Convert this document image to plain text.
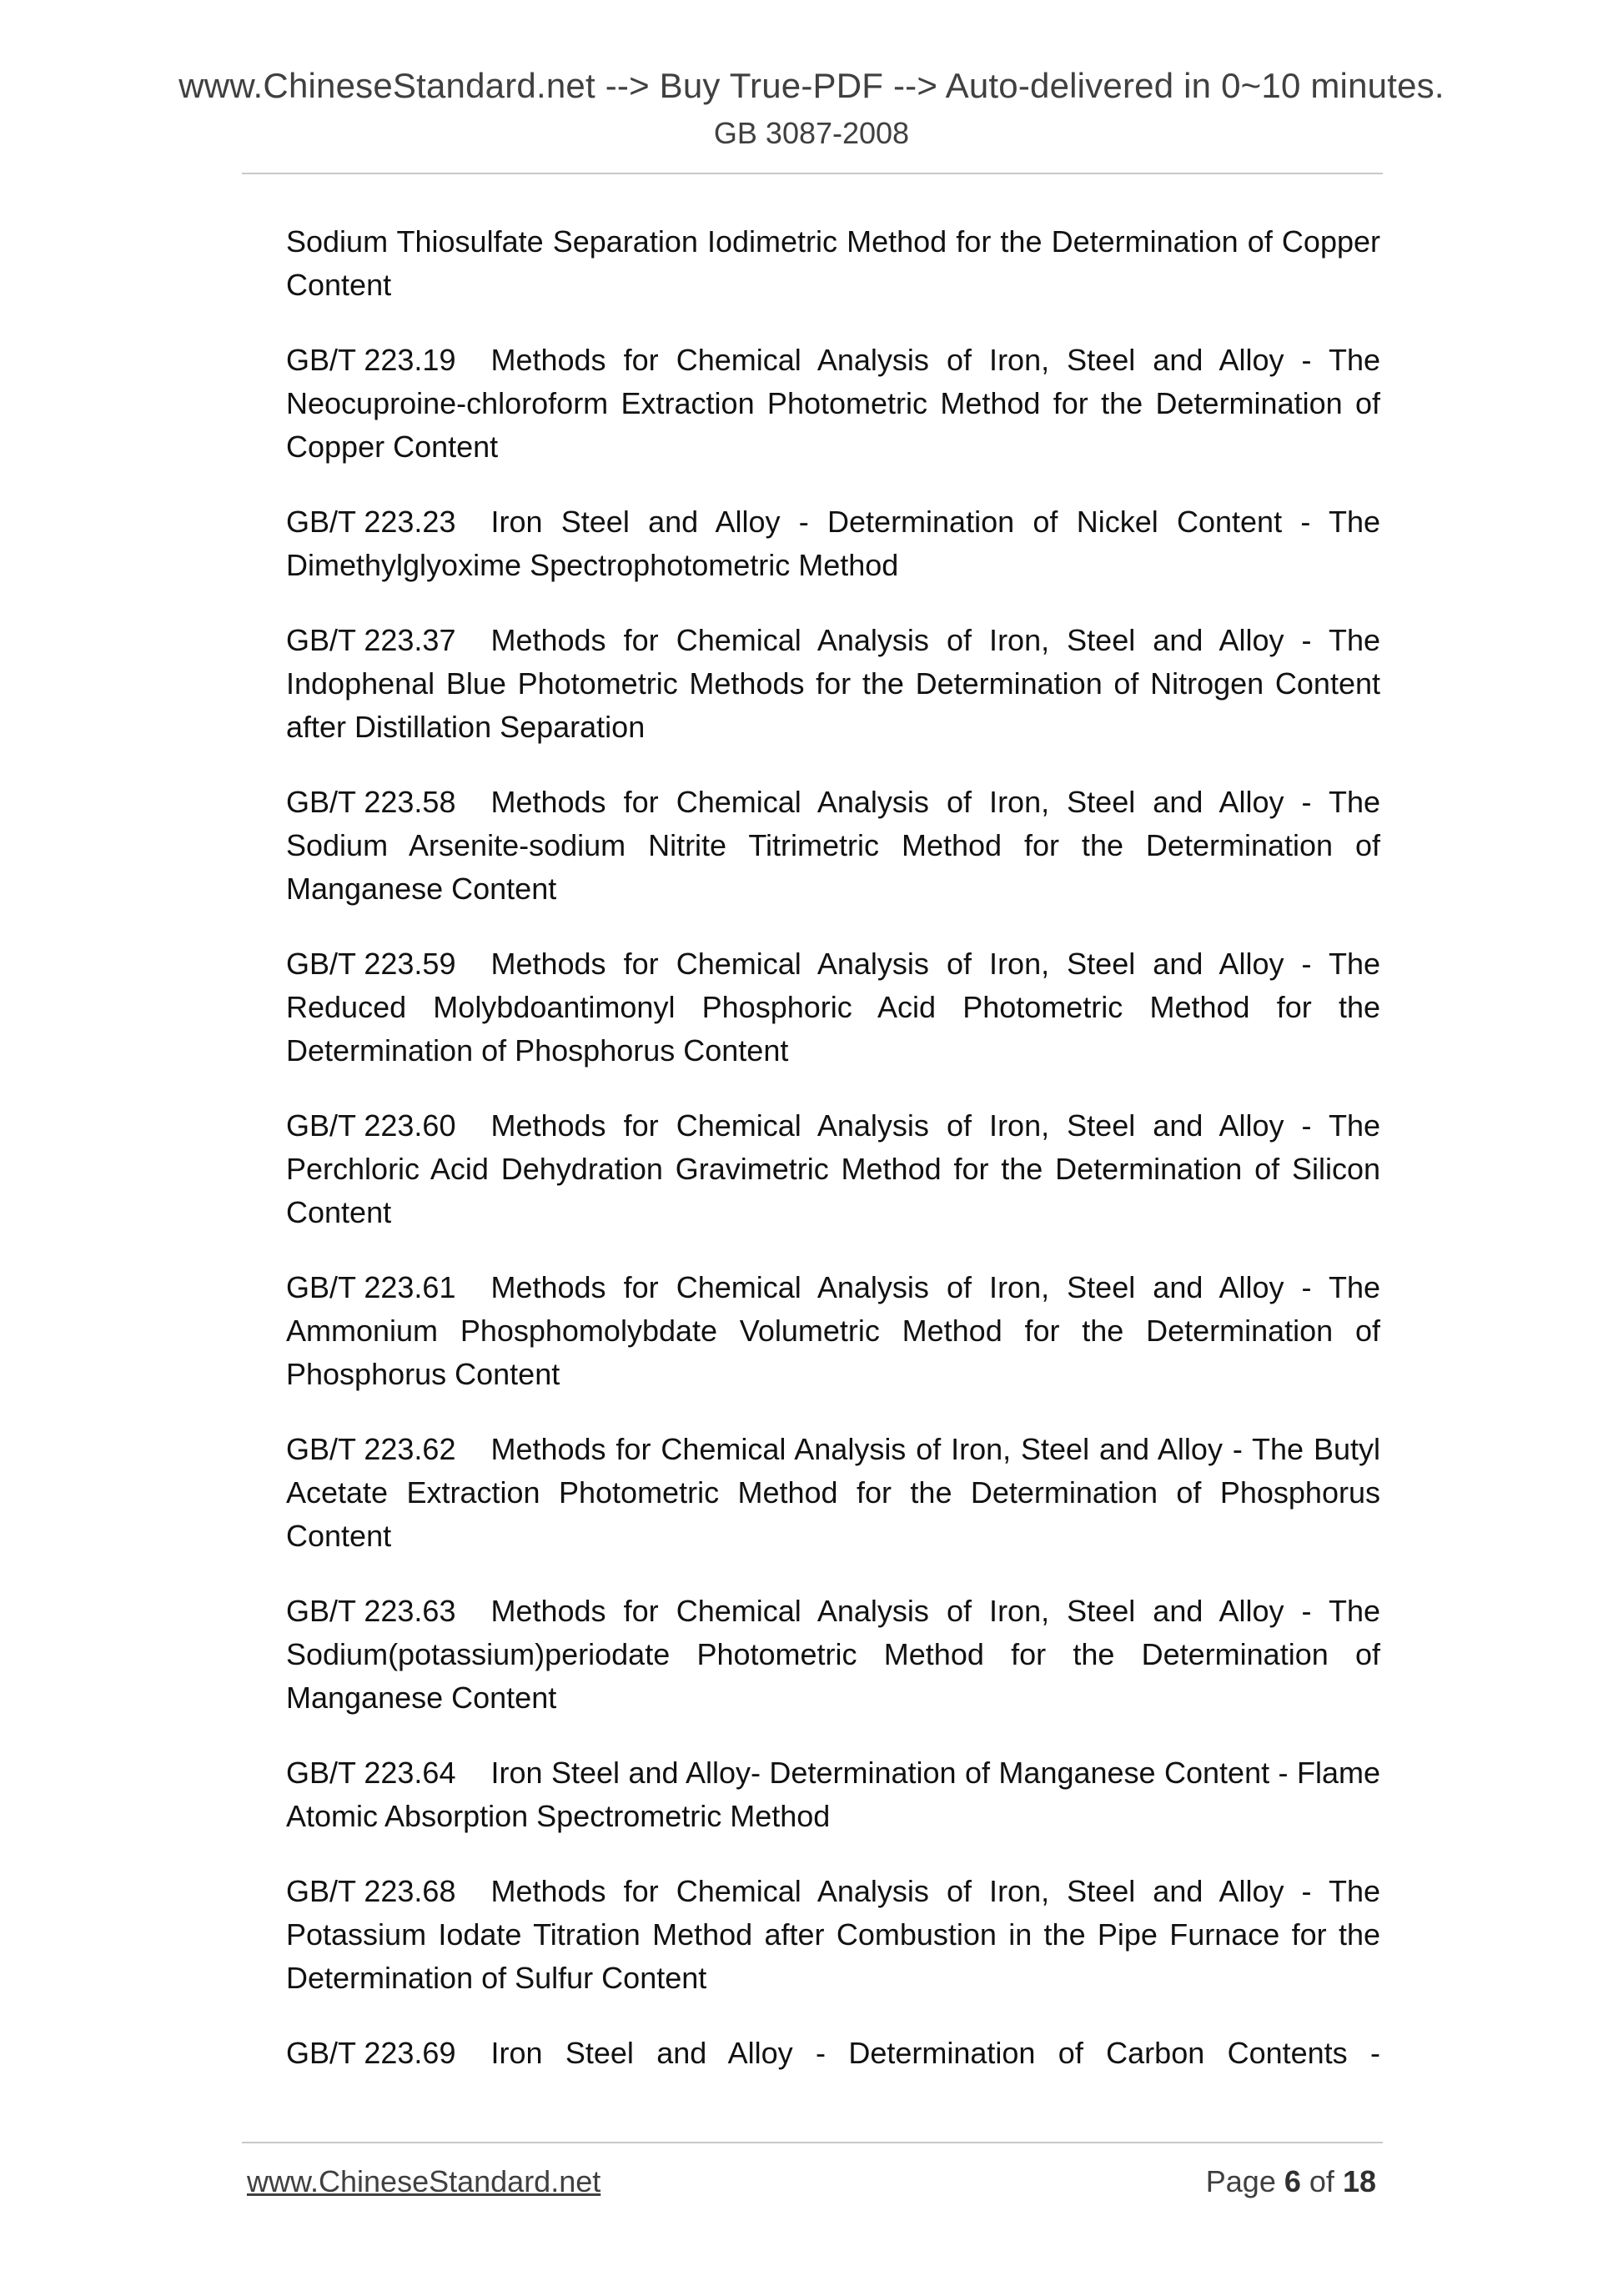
www.ChineseStandard.net --> Buy True-PDF --> Auto-delivered in 0~10 minutes.
GB 3087-2008

Sodium Thiosulfate Separation Iodimetric Method for the Determination of Copper Content

GB/T 223.19 Methods for Chemical Analysis of Iron, Steel and Alloy - The Neocuproine-chloroform Extraction Photometric Method for the Determination of Copper Content

GB/T 223.23 Iron Steel and Alloy - Determination of Nickel Content - The Dimethylglyoxime Spectrophotometric Method

GB/T 223.37 Methods for Chemical Analysis of Iron, Steel and Alloy - The Indophenal Blue Photometric Methods for the Determination of Nitrogen Content after Distillation Separation

GB/T 223.58 Methods for Chemical Analysis of Iron, Steel and Alloy - The Sodium Arsenite-sodium Nitrite Titrimetric Method for the Determination of Manganese Content

GB/T 223.59 Methods for Chemical Analysis of Iron, Steel and Alloy - The Reduced Molybdoantimonyl Phosphoric Acid Photometric Method for the Determination of Phosphorus Content

GB/T 223.60 Methods for Chemical Analysis of Iron, Steel and Alloy - The Perchloric Acid Dehydration Gravimetric Method for the Determination of Silicon Content

GB/T 223.61 Methods for Chemical Analysis of Iron, Steel and Alloy - The Ammonium Phosphomolybdate Volumetric Method for the Determination of Phosphorus Content

GB/T 223.62 Methods for Chemical Analysis of Iron, Steel and Alloy - The Butyl Acetate Extraction Photometric Method for the Determination of Phosphorus Content

GB/T 223.63 Methods for Chemical Analysis of Iron, Steel and Alloy - The Sodium(potassium)periodate Photometric Method for the Determination of Manganese Content

GB/T 223.64 Iron Steel and Alloy- Determination of Manganese Content - Flame Atomic Absorption Spectrometric Method

GB/T 223.68 Methods for Chemical Analysis of Iron, Steel and Alloy - The Potassium Iodate Titration Method after Combustion in the Pipe Furnace for the Determination of Sulfur Content

GB/T 223.69 Iron Steel and Alloy - Determination of Carbon Contents -

www.ChineseStandard.net	Page 6 of 18
